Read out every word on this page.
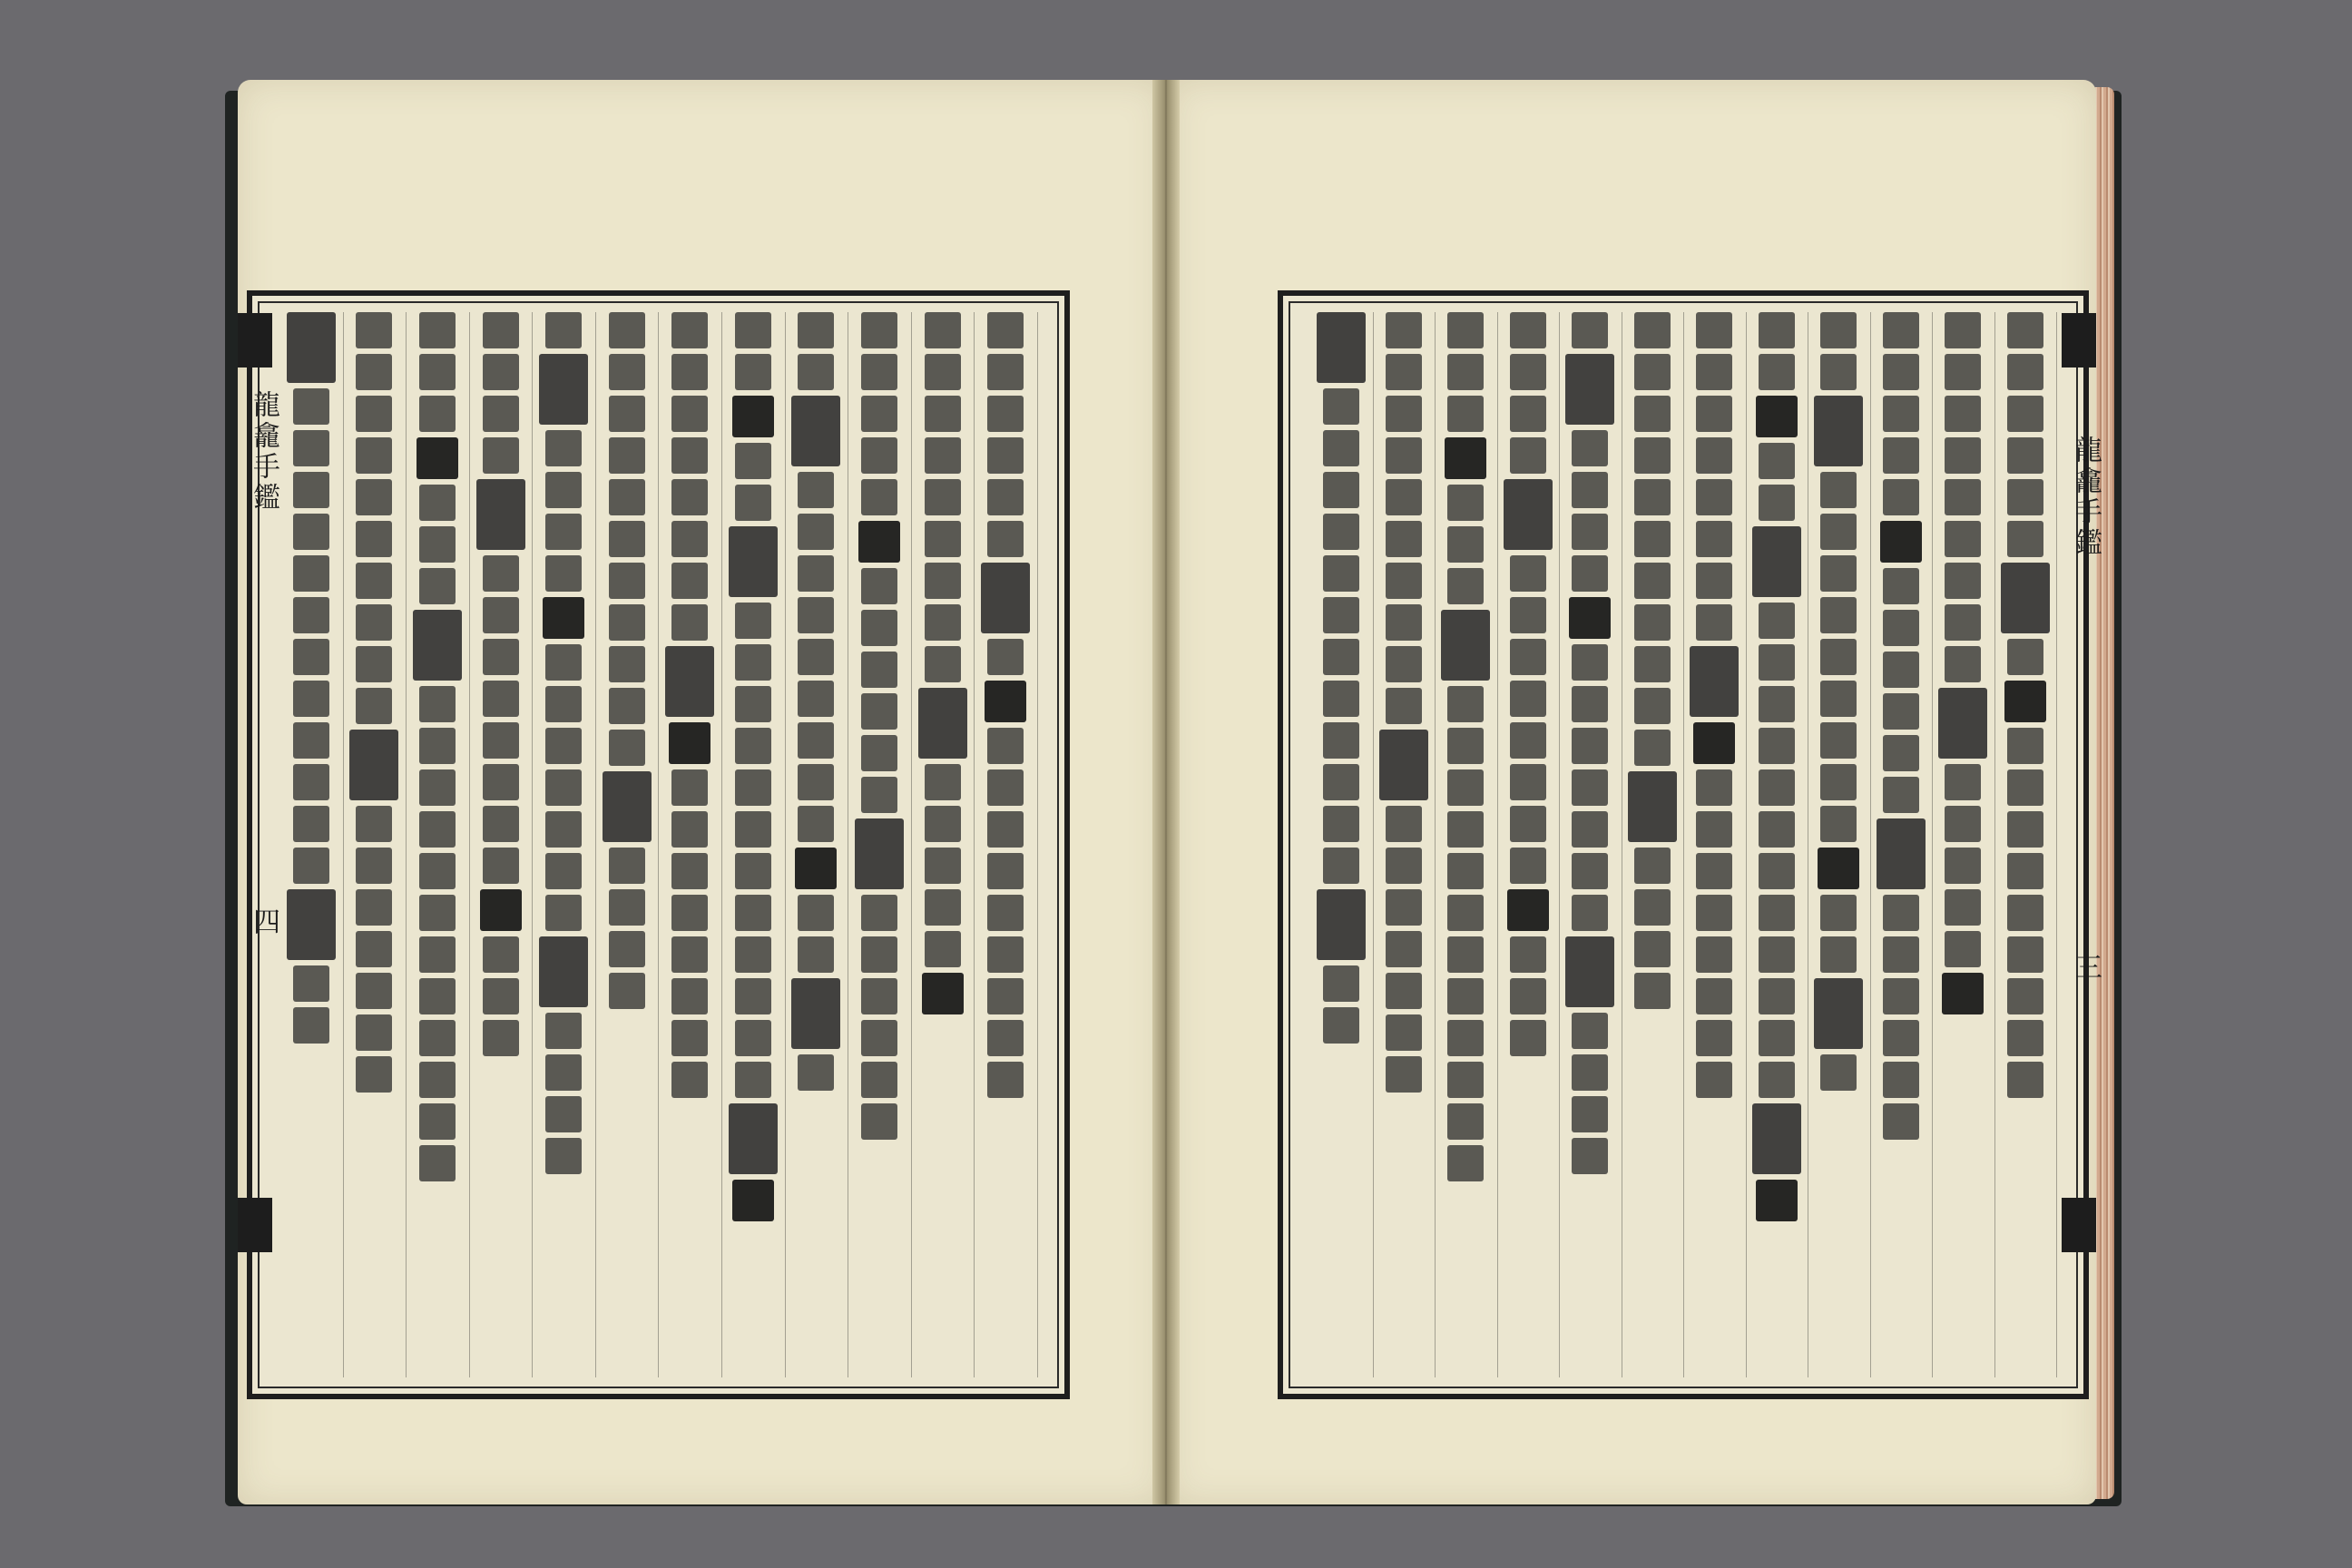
龍龕手鑑
四
龍龕手鑑
三
